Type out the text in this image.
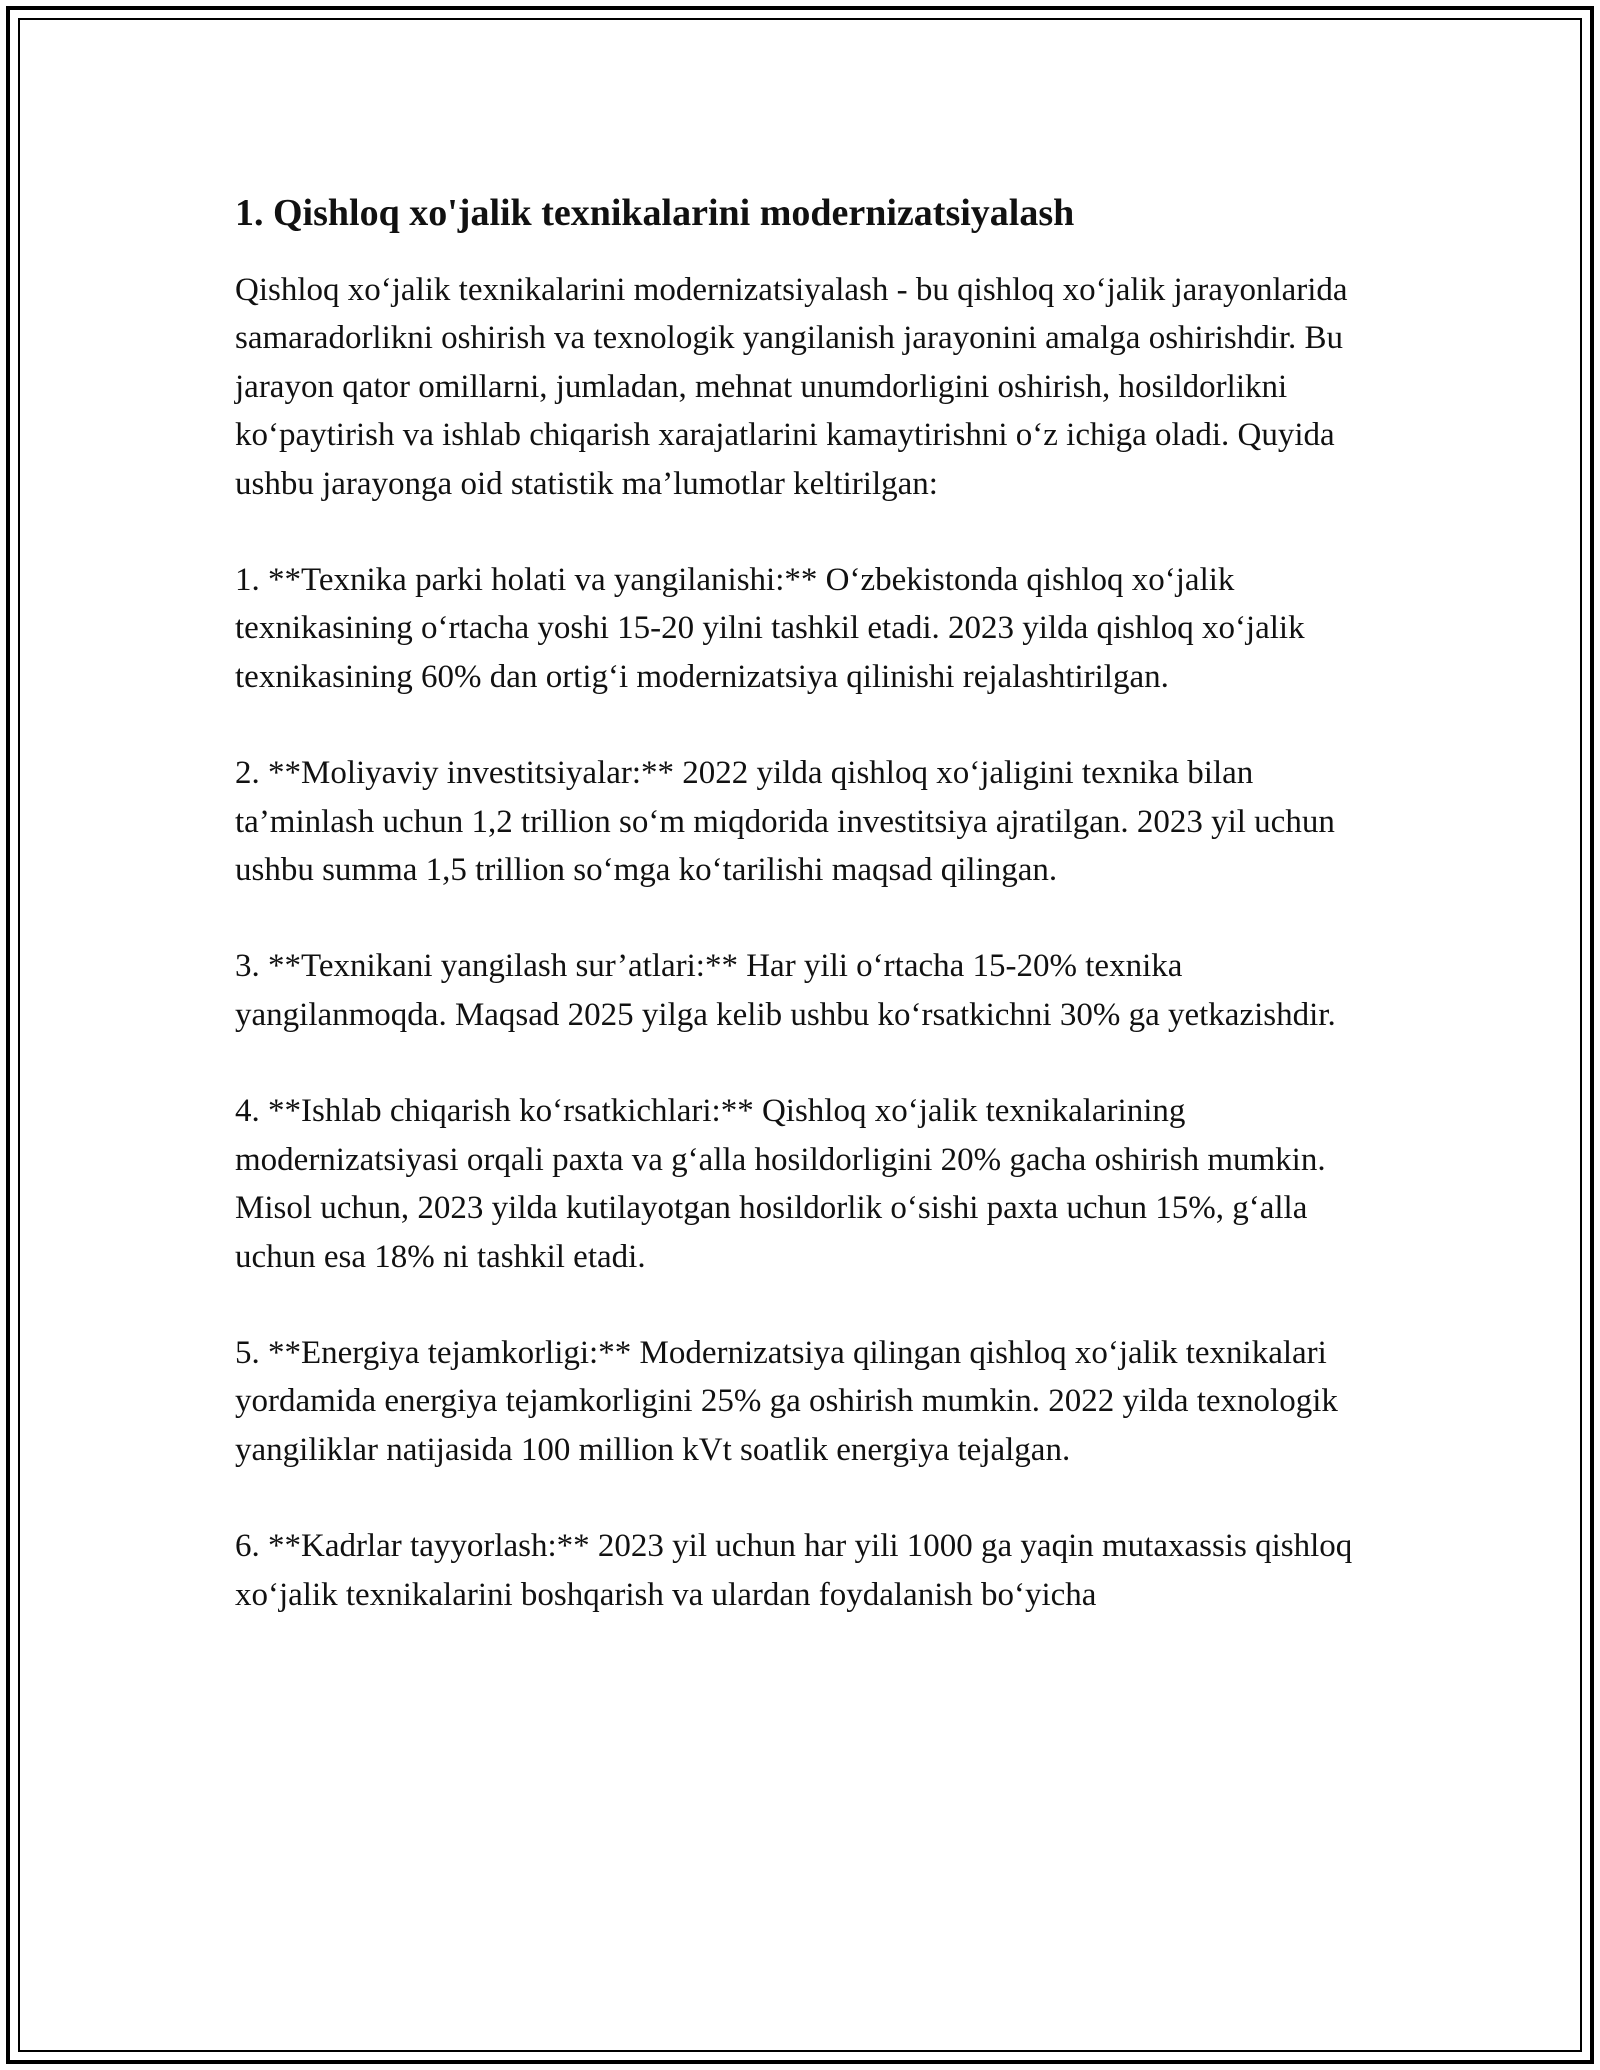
1. Qishloq xo'jalik texnikalarini modernizatsiyalash

Qishloq xo‘jalik texnikalarini modernizatsiyalash - bu qishloq xo‘jalik jarayonlarida samaradorlikni oshirish va texnologik yangilanish jarayonini amalga oshirishdir. Bu jarayon qator omillarni, jumladan, mehnat unumdorligini oshirish, hosildorlikni ko‘paytirish va ishlab chiqarish xarajatlarini kamaytirishni o‘z ichiga oladi. Quyida ushbu jarayonga oid statistik ma’lumotlar keltirilgan:

1. **Texnika parki holati va yangilanishi:** O‘zbekistonda qishloq xo‘jalik texnikasining o‘rtacha yoshi 15-20 yilni tashkil etadi. 2023 yilda qishloq xo‘jalik texnikasining 60% dan ortig‘i modernizatsiya qilinishi rejalashtirilgan.

2. **Moliyaviy investitsiyalar:** 2022 yilda qishloq xo‘jaligini texnika bilan ta’minlash uchun 1,2 trillion so‘m miqdorida investitsiya ajratilgan. 2023 yil uchun ushbu summa 1,5 trillion so‘mga ko‘tarilishi maqsad qilingan.

3. **Texnikani yangilash sur’atlari:** Har yili o‘rtacha 15-20% texnika yangilanmoqda. Maqsad 2025 yilga kelib ushbu ko‘rsatkichni 30% ga yetkazishdir.

4. **Ishlab chiqarish ko‘rsatkichlari:** Qishloq xo‘jalik texnikalarining modernizatsiyasi orqali paxta va g‘alla hosildorligini 20% gacha oshirish mumkin. Misol uchun, 2023 yilda kutilayotgan hosildorlik o‘sishi paxta uchun 15%, g‘alla uchun esa 18% ni tashkil etadi.

5. **Energiya tejamkorligi:** Modernizatsiya qilingan qishloq xo‘jalik texnikalari yordamida energiya tejamkorligini 25% ga oshirish mumkin. 2022 yilda texnologik yangiliklar natijasida 100 million kVt soatlik energiya tejalgan.

6. **Kadrlar tayyorlash:** 2023 yil uchun har yili 1000 ga yaqin mutaxassis qishloq xo‘jalik texnikalarini boshqarish va ulardan foydalanish bo‘yicha
